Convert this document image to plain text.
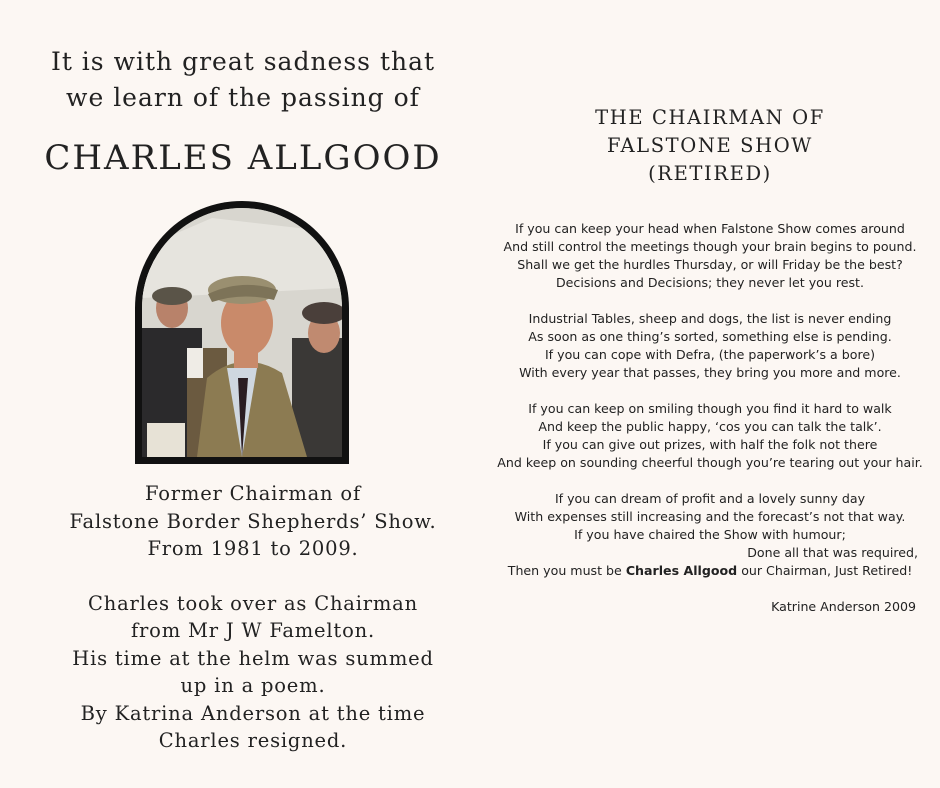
It is with great sadness that
we learn of the passing of
CHARLES ALLGOOD

Former Chairman of

Falstone Border Shepherds’ Show.

From 1981 to 2009.

Charles took over as Chairman

from Mr J W Famelton.

His time at the helm was summed

up in a poem.

By Katrina Anderson at the time

Charles resigned.

THE CHAIRMAN OF
FALSTONE SHOW
(RETIRED)
If you can keep your head when Falstone Show comes around
And still control the meetings though your brain begins to pound.
Shall we get the hurdles Thursday, or will Friday be the best?
Decisions and Decisions; they never let you rest.
Industrial Tables, sheep and dogs, the list is never ending
As soon as one thing’s sorted, something else is pending.
If you can cope with Defra, (the paperwork’s a bore)
With every year that passes, they bring you more and more.
If you can keep on smiling though you find it hard to walk
And keep the public happy, ‘cos you can talk the talk’.
If you can give out prizes, with half the folk not there
And keep on sounding cheerful though you’re tearing out your hair.
If you can dream of profit and a lovely sunny day
With expenses still increasing and the forecast’s not that way.
If you have chaired the Show with humour;
Done all that was required,
Then you must be Charles Allgood our Chairman, Just Retired!
Katrine Anderson 2009
